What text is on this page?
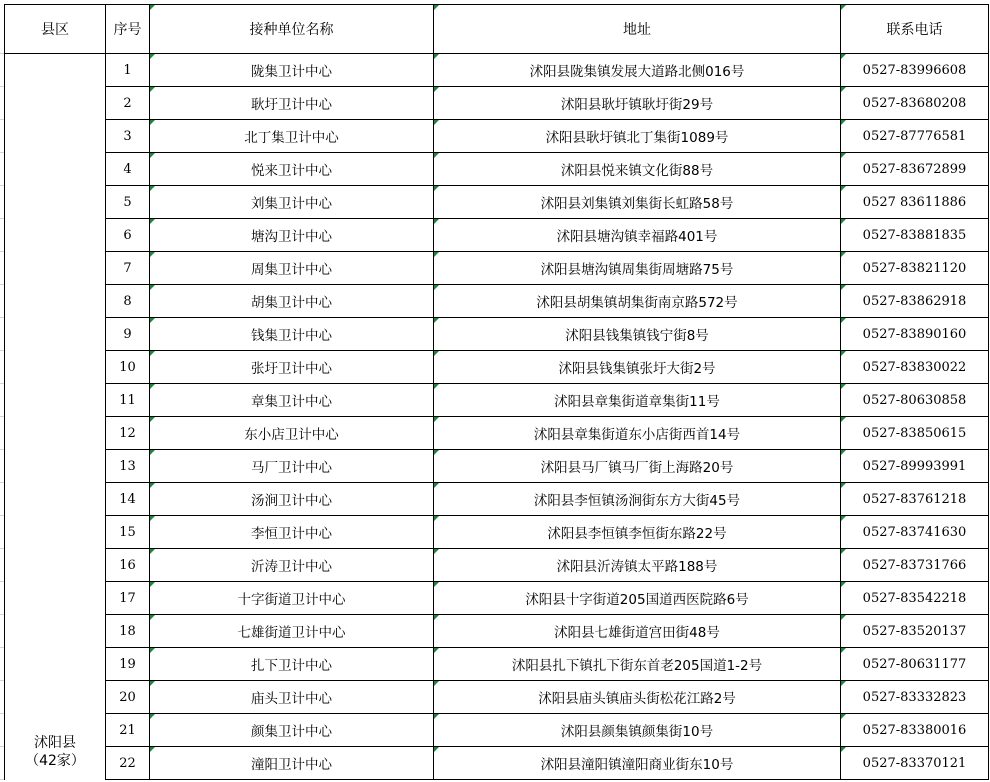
县区	序号	接种单位名称	地址	联系电话

沭阳县
（42家）	1	陇集卫计中心	沭阳县陇集镇发展大道路北侧016号	0527-83996608
	2	耿圩卫计中心	沭阳县耿圩镇耿圩街29号	0527-83680208
	3	北丁集卫计中心	沭阳县耿圩镇北丁集街1089号	0527-87776581
	4	悦来卫计中心	沭阳县悦来镇文化街88号	0527-83672899
	5	刘集卫计中心	沭阳县刘集镇刘集街长虹路58号	0527 83611886
	6	塘沟卫计中心	沭阳县塘沟镇幸福路401号	0527-83881835
	7	周集卫计中心	沭阳县塘沟镇周集街周塘路75号	0527-83821120
	8	胡集卫计中心	沭阳县胡集镇胡集街南京路572号	0527-83862918
	9	钱集卫计中心	沭阳县钱集镇钱宁街8号	0527-83890160
	10	张圩卫计中心	沭阳县钱集镇张圩大街2号	0527-83830022
	11	章集卫计中心	沭阳县章集街道章集街11号	0527-80630858
	12	东小店卫计中心	沭阳县章集街道东小店街西首14号	0527-83850615
	13	马厂卫计中心	沭阳县马厂镇马厂街上海路20号	0527-89993991
	14	汤涧卫计中心	沭阳县李恒镇汤涧街东方大街45号	0527-83761218
	15	李恒卫计中心	沭阳县李恒镇李恒街东路22号	0527-83741630
	16	沂涛卫计中心	沭阳县沂涛镇太平路188号	0527-83731766
	17	十字街道卫计中心	沭阳县十字街道205国道西医院路6号	0527-83542218
	18	七雄街道卫计中心	沭阳县七雄街道宫田街48号	0527-83520137
	19	扎下卫计中心	沭阳县扎下镇扎下街东首老205国道1-2号	0527-80631177
	20	庙头卫计中心	沭阳县庙头镇庙头街松花江路2号	0527-83332823
	21	颜集卫计中心	沭阳县颜集镇颜集街10号	0527-83380016
	22	潼阳卫计中心	沭阳县潼阳镇潼阳商业街东10号	0527-83370121
